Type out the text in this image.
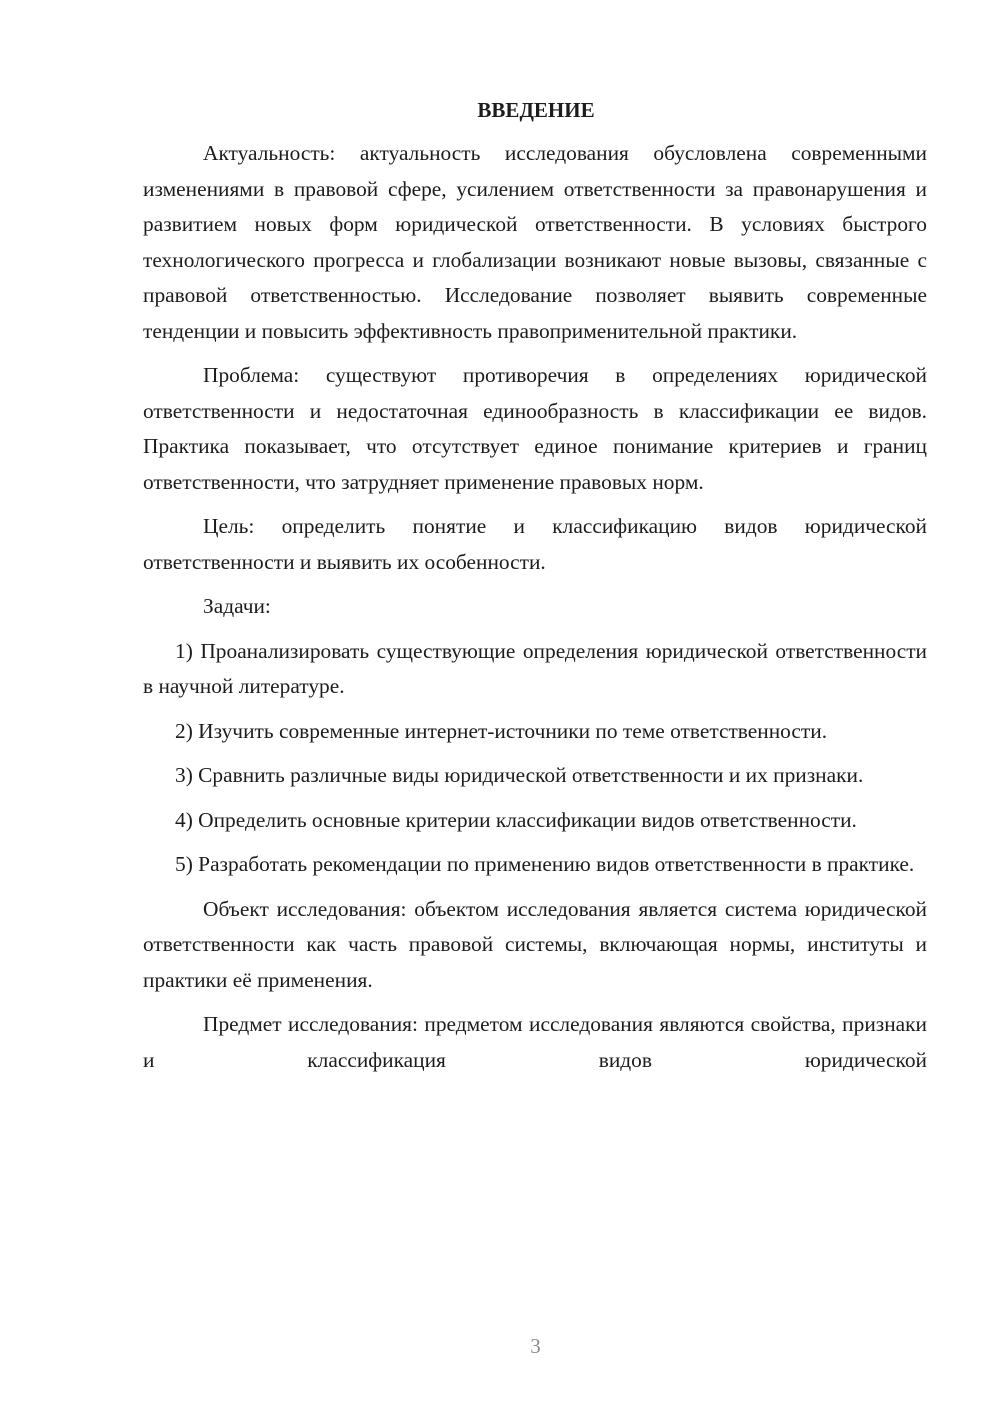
ВВЕДЕНИЕ

Актуальность: актуальность исследования обусловлена современными изменениями в правовой сфере, усилением ответственности за правонарушения и развитием новых форм юридической ответственности. В условиях быстрого технологического прогресса и глобализации возникают новые вызовы, связанные с правовой ответственностью. Исследование позволяет выявить современные тенденции и повысить эффективность правоприменительной практики.

Проблема: существуют противоречия в определениях юридической ответственности и недостаточная единообразность в классификации ее видов. Практика показывает, что отсутствует единое понимание критериев и границ ответственности, что затрудняет применение правовых норм.

Цель: определить понятие и классификацию видов юридической ответственности и выявить их особенности.

Задачи:

1) Проанализировать существующие определения юридической ответственности в научной литературе.

2) Изучить современные интернет-источники по теме ответственности.

3) Сравнить различные виды юридической ответственности и их признаки.

4) Определить основные критерии классификации видов ответственности.

5) Разработать рекомендации по применению видов ответственности в практике.

Объект исследования: объектом исследования является система юридической ответственности как часть правовой системы, включающая нормы, институты и практики её применения.

Предмет исследования: предметом исследования являются свойства, признаки и классификация видов юридической

3
